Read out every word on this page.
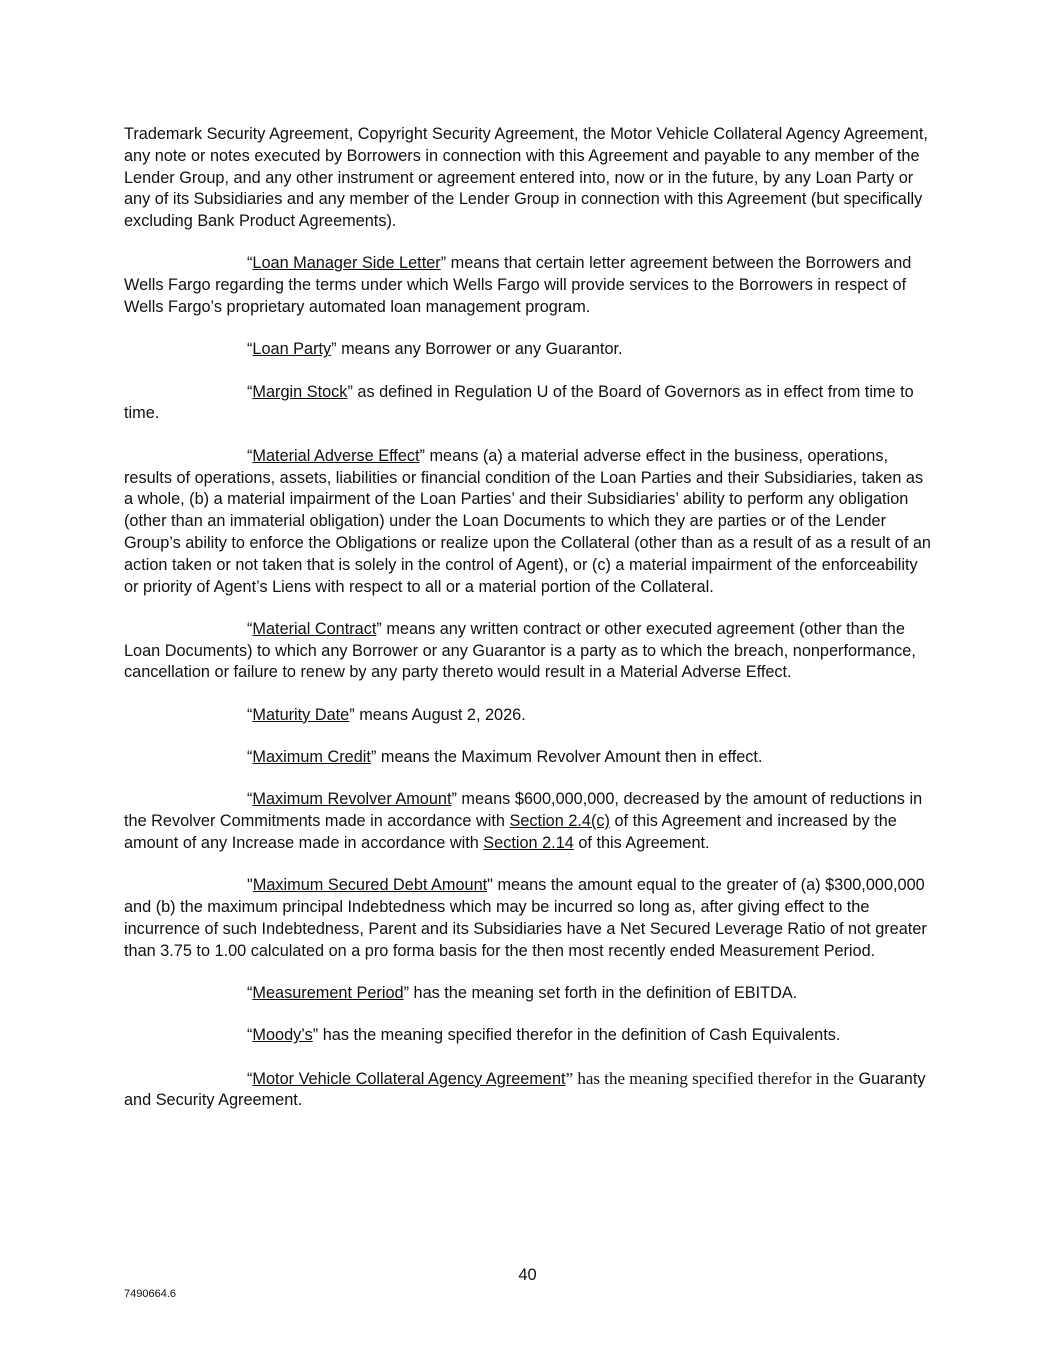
Trademark Security Agreement, Copyright Security Agreement, the Motor Vehicle Collateral Agency Agreement, any note or notes executed by Borrowers in connection with this Agreement and payable to any member of the Lender Group, and any other instrument or agreement entered into, now or in the future, by any Loan Party or any of its Subsidiaries and any member of the Lender Group in connection with this Agreement (but specifically excluding Bank Product Agreements).

“Loan Manager Side Letter” means that certain letter agreement between the Borrowers and Wells Fargo regarding the terms under which Wells Fargo will provide services to the Borrowers in respect of Wells Fargo’s proprietary automated loan management program.

“Loan Party” means any Borrower or any Guarantor.

“Margin Stock” as defined in Regulation U of the Board of Governors as in effect from time to time.

“Material Adverse Effect” means (a) a material adverse effect in the business, operations, results of operations, assets, liabilities or financial condition of the Loan Parties and their Subsidiaries, taken as a whole, (b) a material impairment of the Loan Parties’ and their Subsidiaries’ ability to perform any obligation (other than an immaterial obligation) under the Loan Documents to which they are parties or of the Lender Group’s ability to enforce the Obligations or realize upon the Collateral (other than as a result of as a result of an action taken or not taken that is solely in the control of Agent), or (c) a material impairment of the enforceability or priority of Agent’s Liens with respect to all or a material portion of the Collateral.

“Material Contract” means any written contract or other executed agreement (other than the Loan Documents) to which any Borrower or any Guarantor is a party as to which the breach, nonperformance, cancellation or failure to renew by any party thereto would result in a Material Adverse Effect.

“Maturity Date” means August 2, 2026.

“Maximum Credit” means the Maximum Revolver Amount then in effect.

“Maximum Revolver Amount” means $600,000,000, decreased by the amount of reductions in the Revolver Commitments made in accordance with Section 2.4(c) of this Agreement and increased by the amount of any Increase made in accordance with Section 2.14 of this Agreement.

"Maximum Secured Debt Amount" means the amount equal to the greater of (a) $300,000,000 and (b) the maximum principal Indebtedness which may be incurred so long as, after giving effect to the incurrence of such Indebtedness, Parent and its Subsidiaries have a Net Secured Leverage Ratio of not greater than 3.75 to 1.00 calculated on a pro forma basis for the then most recently ended Measurement Period.

“Measurement Period” has the meaning set forth in the definition of EBITDA.

“Moody’s” has the meaning specified therefor in the definition of Cash Equivalents.

“Motor Vehicle Collateral Agency Agreement” has the meaning specified therefor in the Guaranty and Security Agreement.

40
7490664.6
